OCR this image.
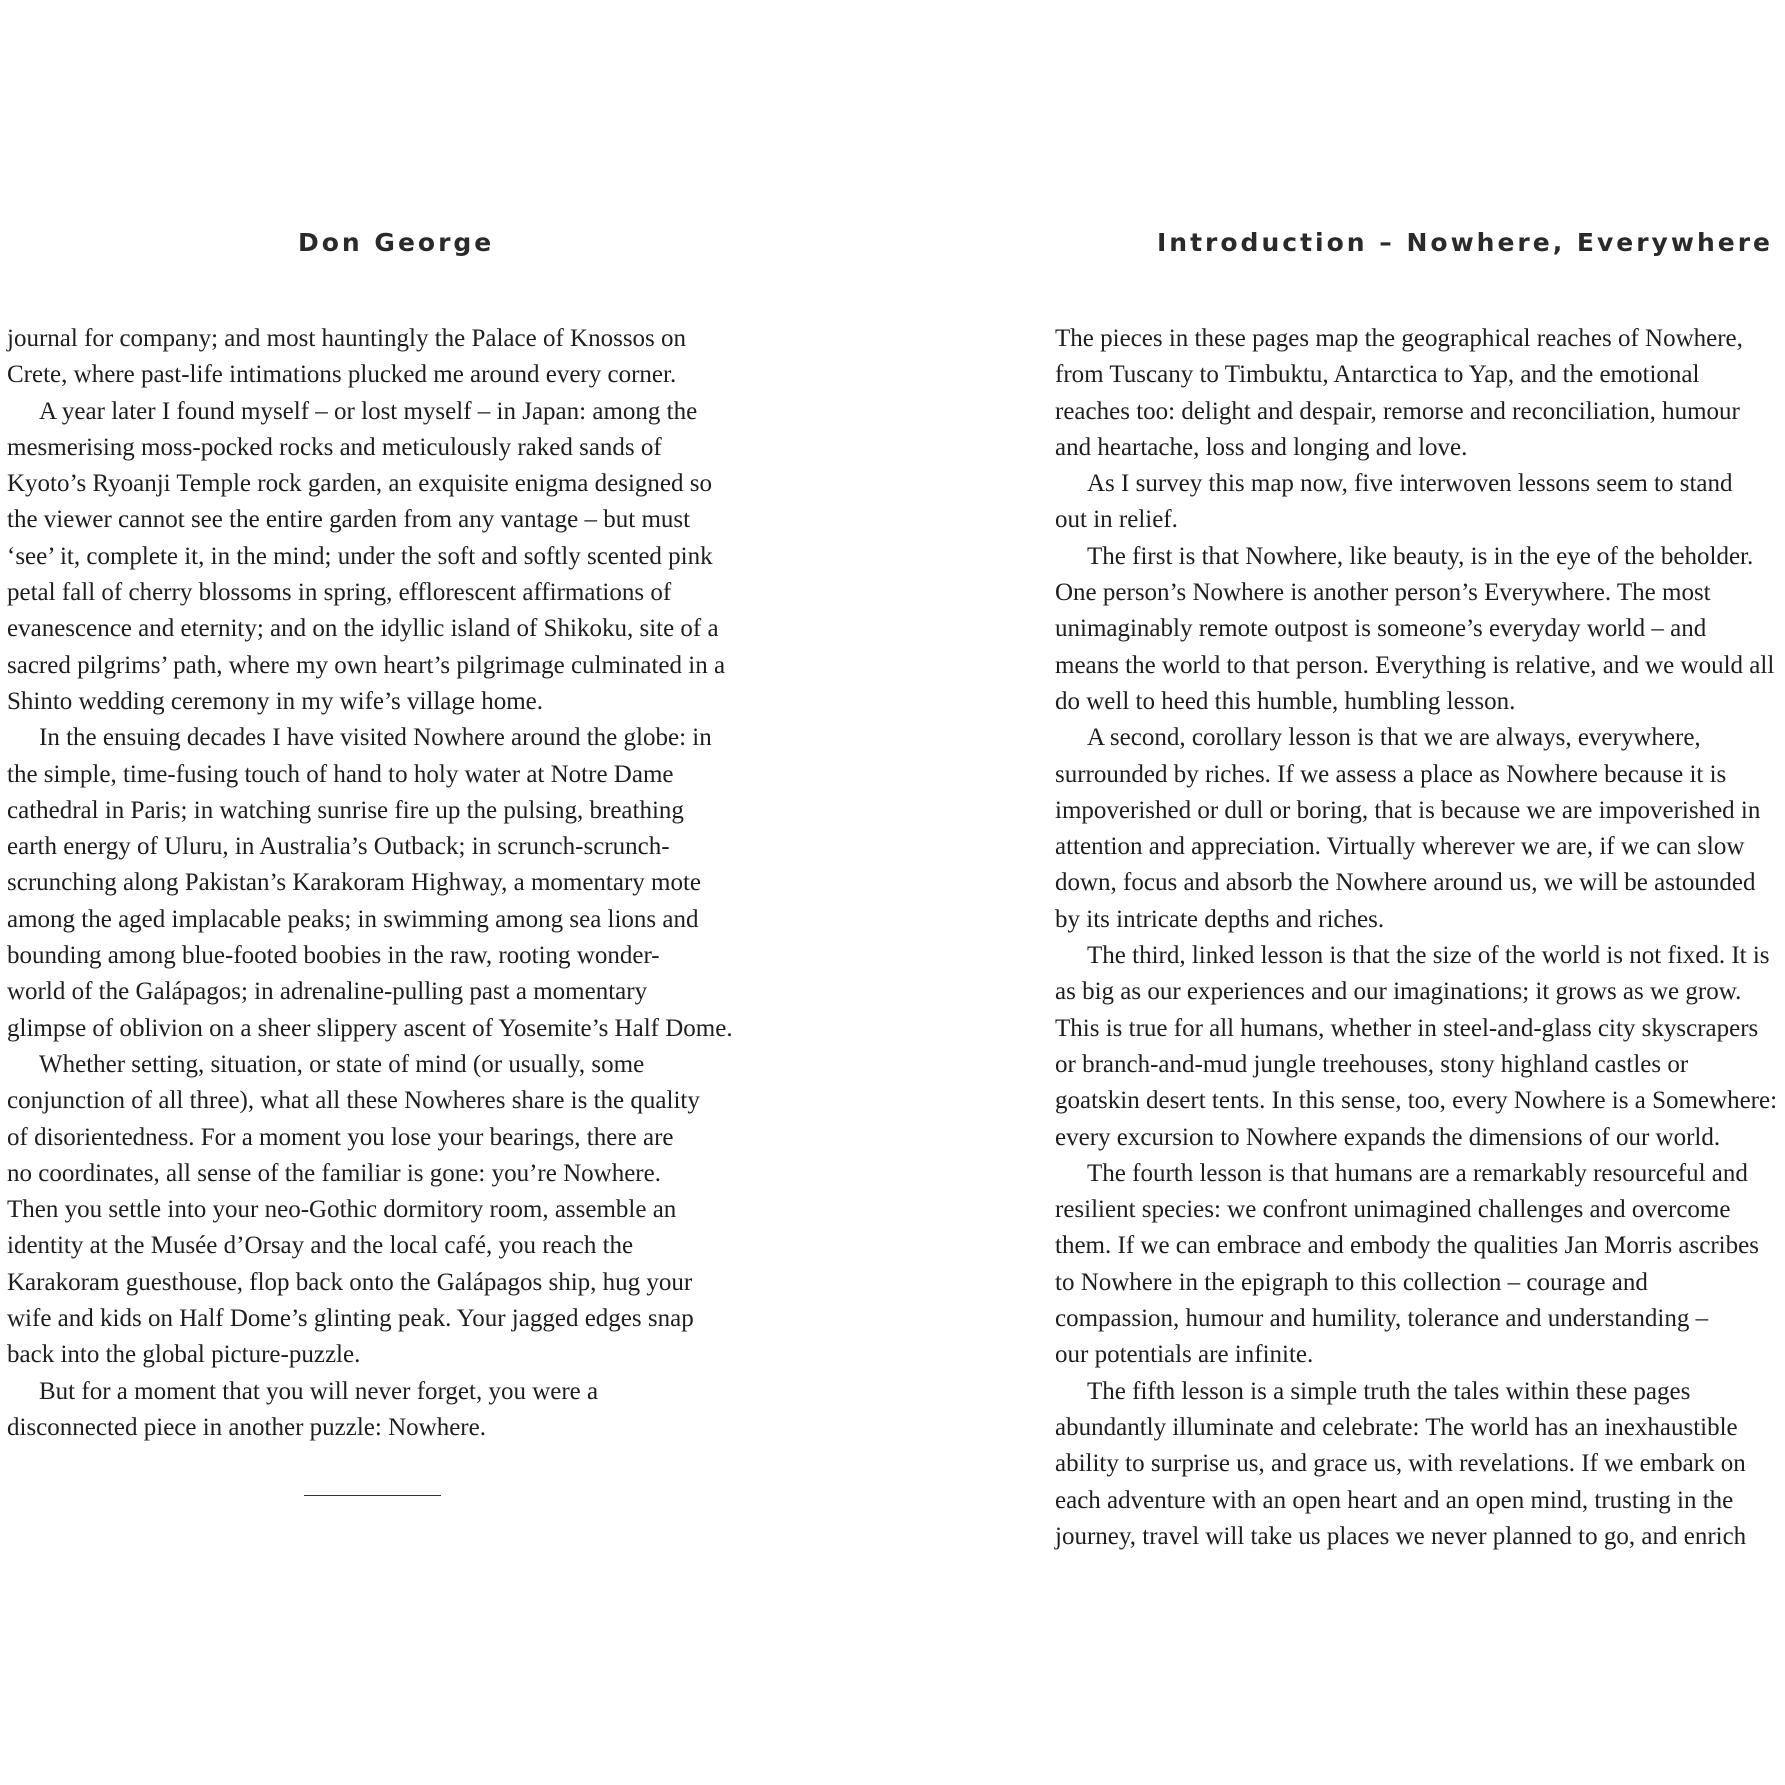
Don George
journal for company; and most hauntingly the Palace of Knossos on
Crete, where past-life intimations plucked me around every corner.
A year later I found myself – or lost myself – in Japan: among the
mesmerising moss-pocked rocks and meticulously raked sands of
Kyoto’s Ryoanji Temple rock garden, an exquisite enigma designed so
the viewer cannot see the entire garden from any vantage – but must
‘see’ it, complete it, in the mind; under the soft and softly scented pink
petal fall of cherry blossoms in spring, efflorescent affirmations of
evanescence and eternity; and on the idyllic island of Shikoku, site of a
sacred pilgrims’ path, where my own heart’s pilgrimage culminated in a
Shinto wedding ceremony in my wife’s village home.
In the ensuing decades I have visited Nowhere around the globe: in
the simple, time-fusing touch of hand to holy water at Notre Dame
cathedral in Paris; in watching sunrise fire up the pulsing, breathing
earth energy of Uluru, in Australia’s Outback; in scrunch-scrunch-
scrunching along Pakistan’s Karakoram Highway, a momentary mote
among the aged implacable peaks; in swimming among sea lions and
bounding among blue-footed boobies in the raw, rooting wonder-
world of the Galápagos; in adrenaline-pulling past a momentary
glimpse of oblivion on a sheer slippery ascent of Yosemite’s Half Dome.
Whether setting, situation, or state of mind (or usually, some
conjunction of all three), what all these Nowheres share is the quality
of disorientedness. For a moment you lose your bearings, there are
no coordinates, all sense of the familiar is gone: you’re Nowhere.
Then you settle into your neo-Gothic dormitory room, assemble an
identity at the Musée d’Orsay and the local café, you reach the
Karakoram guesthouse, flop back onto the Galápagos ship, hug your
wife and kids on Half Dome’s glinting peak. Your jagged edges snap
back into the global picture-puzzle.
But for a moment that you will never forget, you were a
disconnected piece in another puzzle: Nowhere.
Introduction – Nowhere, Everywhere
The pieces in these pages map the geographical reaches of Nowhere,
from Tuscany to Timbuktu, Antarctica to Yap, and the emotional
reaches too: delight and despair, remorse and reconciliation, humour
and heartache, loss and longing and love.
As I survey this map now, five interwoven lessons seem to stand
out in relief.
The first is that Nowhere, like beauty, is in the eye of the beholder.
One person’s Nowhere is another person’s Everywhere. The most
unimaginably remote outpost is someone’s everyday world – and
means the world to that person. Everything is relative, and we would all
do well to heed this humble, humbling lesson.
A second, corollary lesson is that we are always, everywhere,
surrounded by riches. If we assess a place as Nowhere because it is
impoverished or dull or boring, that is because we are impoverished in
attention and appreciation. Virtually wherever we are, if we can slow
down, focus and absorb the Nowhere around us, we will be astounded
by its intricate depths and riches.
The third, linked lesson is that the size of the world is not fixed. It is
as big as our experiences and our imaginations; it grows as we grow.
This is true for all humans, whether in steel-and-glass city skyscrapers
or branch-and-mud jungle treehouses, stony highland castles or
goatskin desert tents. In this sense, too, every Nowhere is a Somewhere:
every excursion to Nowhere expands the dimensions of our world.
The fourth lesson is that humans are a remarkably resourceful and
resilient species: we confront unimagined challenges and overcome
them. If we can embrace and embody the qualities Jan Morris ascribes
to Nowhere in the epigraph to this collection – courage and
compassion, humour and humility, tolerance and understanding –
our potentials are infinite.
The fifth lesson is a simple truth the tales within these pages
abundantly illuminate and celebrate: The world has an inexhaustible
ability to surprise us, and grace us, with revelations. If we embark on
each adventure with an open heart and an open mind, trusting in the
journey, travel will take us places we never planned to go, and enrich
